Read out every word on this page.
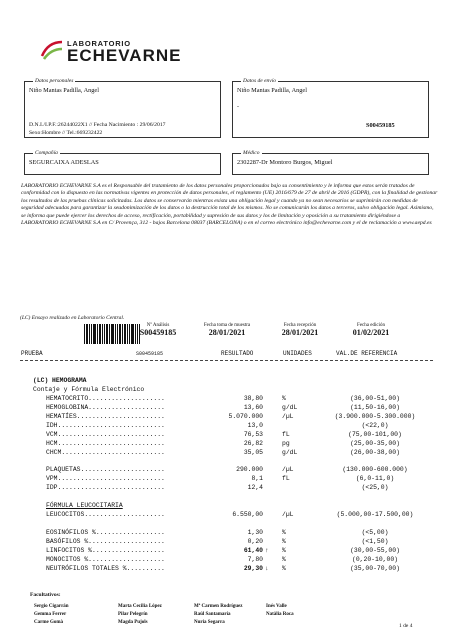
LABORATORIO
ECHEVARNE
Datos personales
Niño Mantas Padilla, Angel
D.N.I./I.P.F.:26244022X1 // Fecha Nacimiento : 29/06/2017
Sexo:Hombre // Tel.:669232422
Datos de envío
Niño Mantas Padilla, Angel
-
S00459185
Compañía
SEGURCAIXA ADESLAS
Médico
2302287-Dr Montoro Burgos, Miguel
LABORATORIO ECHEVARNE S.A es el Responsable del tratamiento de los datos personales proporcionados bajo su consentimiento y le informa que estos serán tratados de conformidad con lo dispuesto en las normativas vigentes en protección de datos personales, el reglamento (UE) 2016/679 de 27 de abril de 2016 (GDPR), con la finalidad de gestionar los resultados de las pruebas clínicas solicitadas. Los datos se conservarán mientras exista una obligación legal y cuando ya no sean necesarios se suprimirán con medidas de seguridad adecuadas para garantizar la seudonimización de los datos o la destrucción total de los mismos. No se comunicarán los datos a terceros, salvo obligación legal. Asimismo, se informa que puede ejercer los derechos de acceso, rectificación, portabilidad y supresión de sus datos y los de limitación y oposición a su tratamiento dirigiéndose a LABORATORIO ECHEVARNE S.A en C/ Provença, 312 - bajos Barcelona 08037 (BARCELONA) o en el correo electrónico info@echevarne.com y el de reclamación a www.aepd.es
(LC) Ensayo realizado en Laboratorio Central.
Nº Análisis
S00459185
Fecha toma de muestra
28/01/2021
Fecha recepción
28/01/2021
Fecha edición
01/02/2021
PRUEBA	S00459185	RESULTADO	UNIDADES	VAL.DE REFERENCIA
(LC) HEMOGRAMA
Contaje y Fórmula Electrónico
HEMATOCRITO....................	38,80	%	(36,00-51,00)
HEMOGLOBINA....................	13,60	g/dL	(11,50-16,00)
HEMATÍES.......................	5.070.000	/µL	(3.900.000-5.300.000)
IDH............................	13,0	(<22,0)
VCM............................	76,53	fL	(75,00-101,00)
HCM............................	26,82	pg	(25,00-35,00)
CHCM...........................	35,05	g/dL	(26,00-38,00)
PLAQUETAS......................	290.000	/µL	(130.000-600.000)
VPM............................	8,1	fL	(6,0-11,0)
IDP............................	12,4	(<25,0)
FÓRMULA LEUCOCITARIA
LEUCOCITOS.....................	6.550,00	/µL	(5.000,00-17.500,00)
EOSINÓFILOS %..................	1,30	%	(<5,00)
BASÓFILOS %....................	0,20	%	(<1,50)
LINFOCITOS %...................	61,40 ↑ %	(30,00-55,00)
MONOCITOS %....................	7,80	%	(0,20-10,00)
NEUTRÓFILOS TOTALES %..........	29,30 ↓ %	(35,00-70,00)
Facultativos:
Sergio Cigarrán
Gemma Ferrer
Carme Gomà
Marta Cecilia López
Pilar Pelegrín
Magda Pujols
Mª Carmen Rodríguez
Raúl Santamaría
Nuria Segarra
Inés Valle
Natàlia Roca
1 de 4
